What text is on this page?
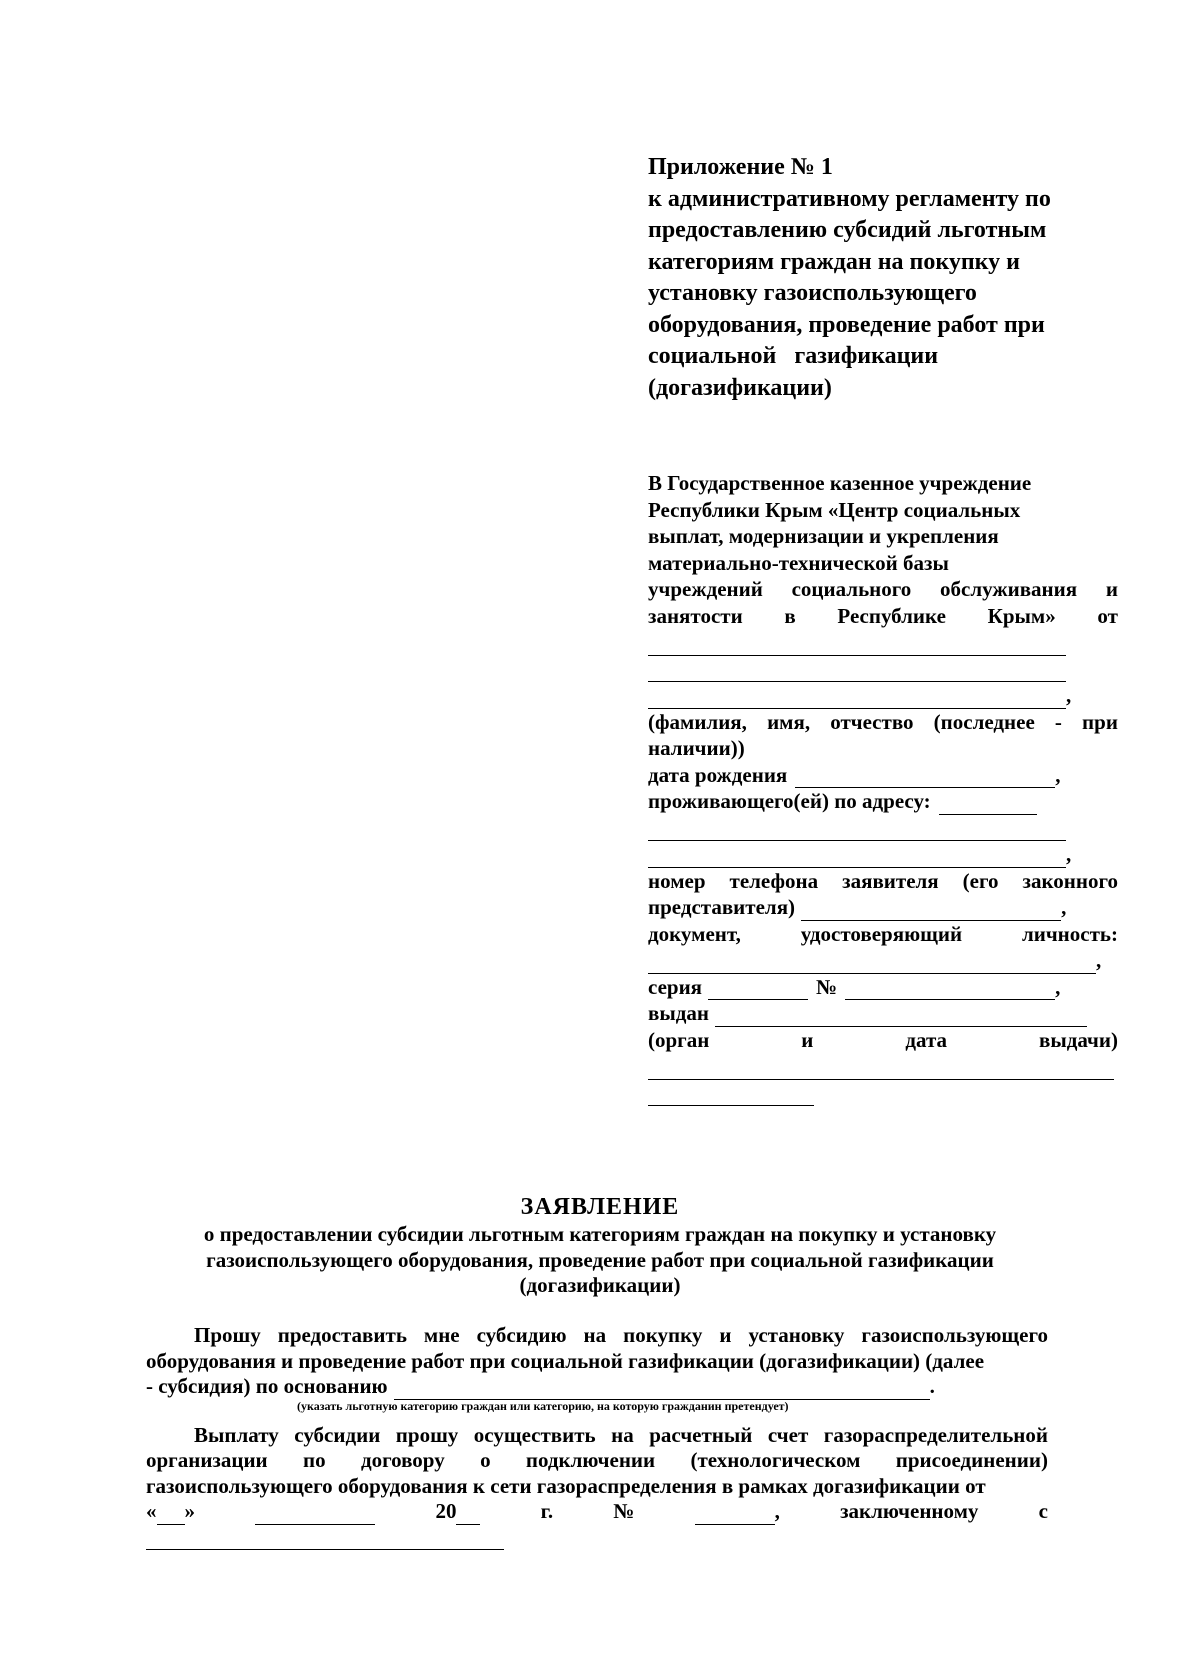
Приложение № 1
к административному регламенту по
предоставлению субсидий льготным
категориям граждан на покупку и
установку газоиспользующего
оборудования, проведение работ при
социальной   газификации
(догазификации)
В Государственное казенное учреждение
Республики Крым «Центр социальных
выплат, модернизации и укрепления
материально-технической базы
учреждений социального обслуживания и
занятости в Республике Крым» от
,
(фамилия, имя, отчество (последнее - при
наличии))
дата рождения	,
проживающего(ей) по адресу:
,
номер телефона заявителя (его законного
представителя)	,
документ,	удостоверяющий	личность:
,
серия	№	,
выдан
(орган	и	дата	выдачи)
ЗАЯВЛЕНИЕ
о предоставлении субсидии льготным категориям граждан на покупку и установку
газоиспользующего оборудования, проведение работ при социальной газификации
(догазификации)
Прошу предоставить мне субсидию на покупку и установку газоиспользующего
оборудования и проведение работ при социальной газификации (догазификации) (далее
- субсидия) по основанию	.
Выплату субсидии прошу осуществить на расчетный счет газораспределительной
организации по договору о подключении (технологическом присоединении)
газоиспользующего оборудования к сети газораспределения в рамках догазификации от
« »	20	г.	№	,	заключенному	с
(указать льготную категорию граждан или категорию, на которую гражданин претендует)
